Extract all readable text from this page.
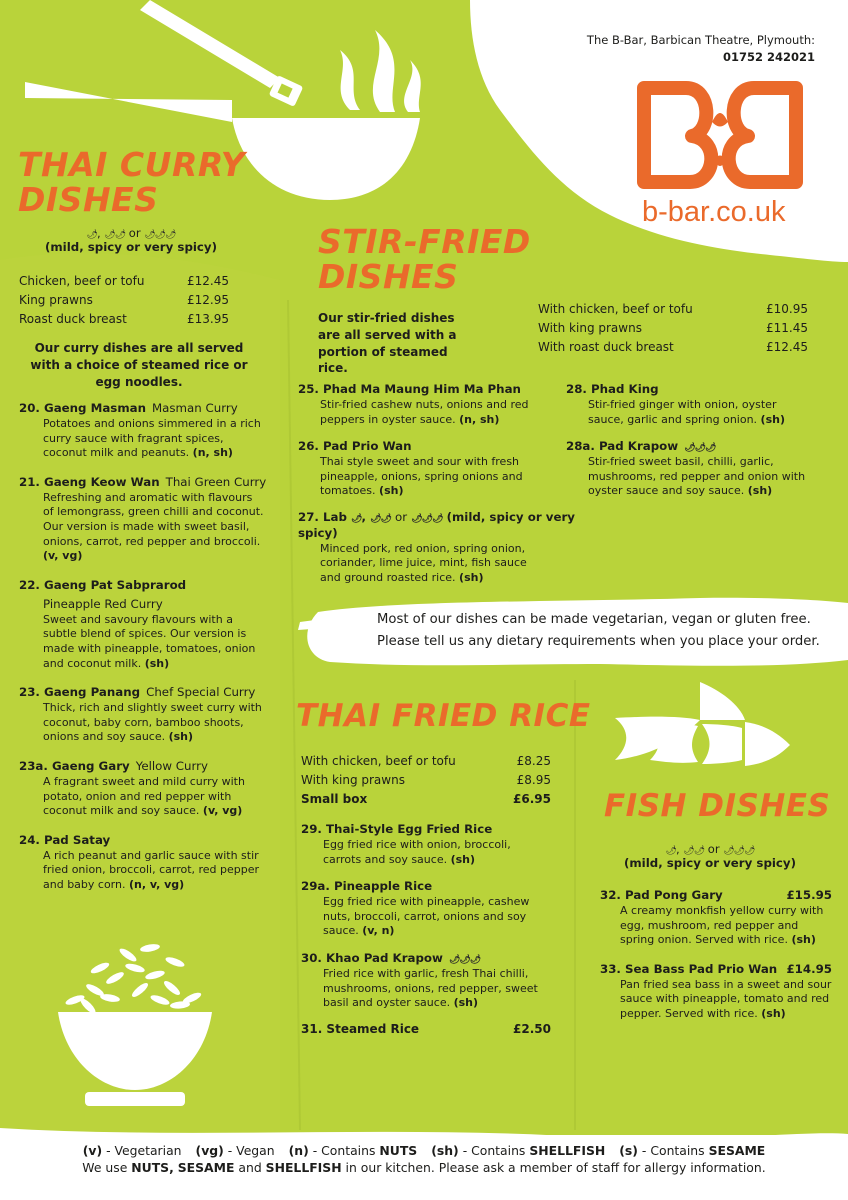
The B-Bar, Barbican Theatre, Plymouth:
01752 242021
b-bar.co.uk
THAI CURRY
DISHES
🌶, 🌶🌶 or 🌶🌶🌶
(mild, spicy or very spicy)
Chicken, beef or tofu	£12.45
King prawns	£12.95
Roast duck breast	£13.95
Our curry dishes are all served with a choice of steamed rice or egg noodles.
20. Gaeng Masman Masman Curry
Potatoes and onions simmered in a rich curry sauce with fragrant spices, coconut milk and peanuts. (n, sh)
21. Gaeng Keow Wan Thai Green Curry
Refreshing and aromatic with flavours of lemongrass, green chilli and coconut. Our version is made with sweet basil, onions, carrot, red pepper and broccoli. (v, vg)
22. Gaeng Pat Sabprarod
Pineapple Red Curry
Sweet and savoury flavours with a subtle blend of spices. Our version is made with pineapple, tomatoes, onion and coconut milk. (sh)
23. Gaeng Panang Chef Special Curry
Thick, rich and slightly sweet curry with coconut, baby corn, bamboo shoots, onions and soy sauce. (sh)
23a. Gaeng Gary Yellow Curry
A fragrant sweet and mild curry with potato, onion and red pepper with coconut milk and soy sauce. (v, vg)
24. Pad Satay
A rich peanut and garlic sauce with stir fried onion, broccoli, carrot, red pepper and baby corn. (n, v, vg)
STIR-FRIED
DISHES
Our stir-fried dishes are all served with a portion of steamed rice.
With chicken, beef or tofu	£10.95
With king prawns	£11.45
With roast duck breast	£12.45
25. Phad Ma Maung Him Ma Phan
Stir-fried cashew nuts, onions and red peppers in oyster sauce. (n, sh)
26. Pad Prio Wan
Thai style sweet and sour with fresh pineapple, onions, spring onions and tomatoes. (sh)
28. Phad King
Stir-fried ginger with onion, oyster sauce, garlic and spring onion. (sh)
28a. Pad Krapow 🌶🌶🌶
Stir-fried sweet basil, chilli, garlic, mushrooms, red pepper and onion with oyster sauce and soy sauce. (sh)
27. Lab 🌶, 🌶🌶 or 🌶🌶🌶 (mild, spicy or very spicy)
Minced pork, red onion, spring onion, coriander, lime juice, mint, fish sauce and ground roasted rice. (sh)
Most of our dishes can be made vegetarian, vegan or gluten free.
Please tell us any dietary requirements when you place your order.
THAI FRIED RICE
With chicken, beef or tofu	£8.25
With king prawns	£8.95
Small box	£6.95
29. Thai-Style Egg Fried Rice
Egg fried rice with onion, broccoli, carrots and soy sauce. (sh)
29a. Pineapple Rice
Egg fried rice with pineapple, cashew nuts, broccoli, carrot, onions and soy sauce. (v, n)
30. Khao Pad Krapow 🌶🌶🌶
Fried rice with garlic, fresh Thai chilli, mushrooms, onions, red pepper, sweet basil and oyster sauce. (sh)
31. Steamed Rice	£2.50
FISH DISHES
🌶, 🌶🌶 or 🌶🌶🌶
(mild, spicy or very spicy)
32. Pad Pong Gary	£15.95
A creamy monkfish yellow curry with egg, mushroom, red pepper and spring onion. Served with rice. (sh)
33. Sea Bass Pad Prio Wan £14.95
Pan fried sea bass in a sweet and sour sauce with pineapple, tomato and red pepper. Served with rice. (sh)
(v) - Vegetarian (vg) - Vegan (n) - Contains NUTS (sh) - Contains SHELLFISH (s) - Contains SESAME
We use NUTS, SESAME and SHELLFISH in our kitchen. Please ask a member of staff for allergy information.
